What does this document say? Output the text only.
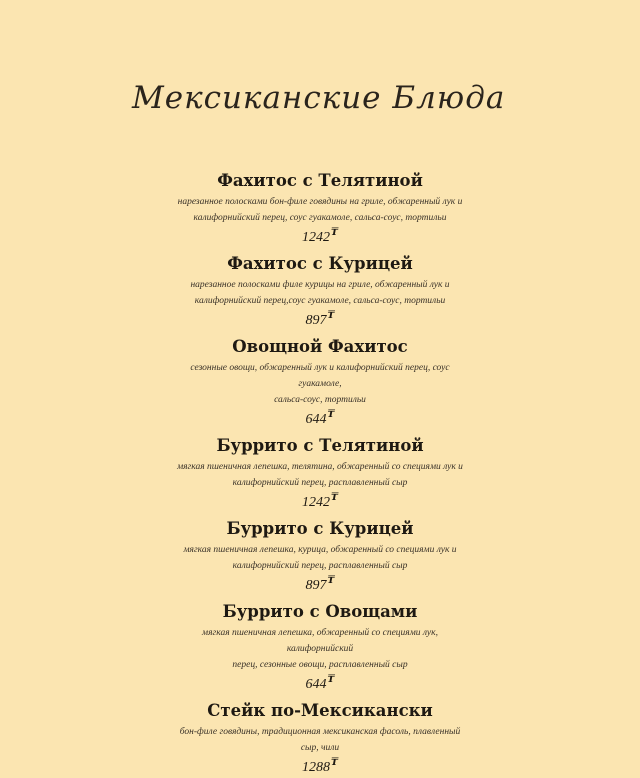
Мексиканские Блюда
Фахитос с Телятиной
нарезанное полосками бон-филе говядины на гриле, обжаренный лук и
калифорнийский перец, соус гуакамоле, сальса-соус, тортильи
1242₸
Фахитос с Курицей
нарезанное полосками филе курицы на гриле, обжаренный лук и
калифорнийский перец,соус гуакамоле, сальса-соус, тортильи
897₸
Овощной Фахитос
сезонные овощи, обжаренный лук и калифорнийский перец, соус гуакамоле,
сальса-соус, тортильи
644₸
Буррито с Телятиной
мягкая пшеничная лепешка, телятина, обжаренный со специями лук и
калифорнийский перец, расплавленный сыр
1242₸
Буррито с Курицей
мягкая пшеничная лепешка, курица, обжаренный со специями лук и
калифорнийский перец, расплавленный сыр
897₸
Буррито с Овощами
мягкая пшеничная лепешка, обжаренный со специями лук, калифорнийский
перец, сезонные овощи, расплавленный сыр
644₸
Стейк по-Мексикански
бон-филе говядины, традиционная мексиканская фасоль, плавленный сыр, чили
1288₸
